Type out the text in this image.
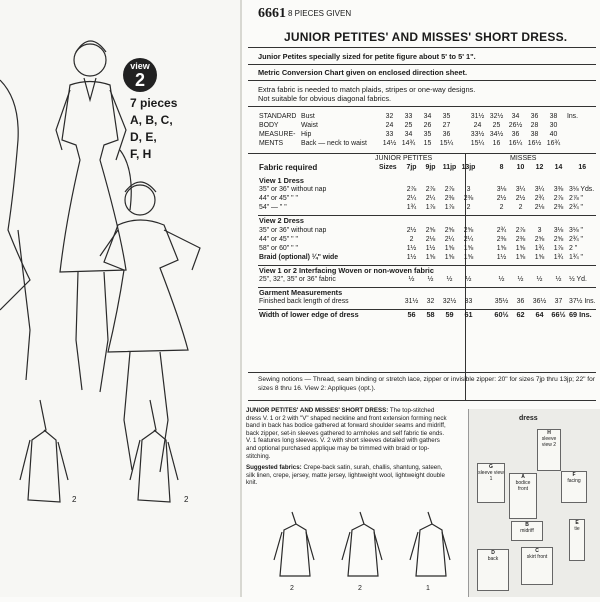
view
2
7 pieces
A, B, C,
D, E,
F, H
2	2
6661 8 PIECES GIVEN
JUNIOR PETITES' AND MISSES' SHORT DRESS.
Junior Petites specially sized for petite figure about 5' to 5' 1".
Metric Conversion Chart given on enclosed direction sheet.
Extra fabric is needed to match plaids, stripes or one-way designs.
Not suitable for obvious diagonal fabrics.
STANDARD	Bust	32	33	34	35		31½	32½	34	36	38	Ins.
BODY	Waist	24	25	26	27		24	25	26½	28	30	
MEASURE-	Hip	33	34	35	36		33½	34½	36	38	40	
MENTS	Back — neck to waist	14½	14¾	15	15¼		15¼	16	16¼	16½	16¾	
JUNIOR PETITES	MISSES
Fabric required	Sizes	7jp	9jp	11jp	13jp		8	10	12	14	16

View 1 Dress											
35" or 36" without nap		2⅞	2⅞	2⅞	3		3⅛	3¼	3¼	3⅜	3⅛ Yds.
44" or 45" " "		2¼	2¼	2⅜	2⅜		2½	2½	2¾	2⅞	2⅞ "
54" — " "		1¾	1⅞	1⅞	2		2	2	2⅛	2⅜	2¾ "

View 2 Dress											
35" or 36" without nap		2½	2⅝	2⅝	2⅝		2¾	2⅞	3	3⅛	3⅛ "
44" or 45" " "		2	2⅛	2¼	2¼		2⅜	2⅜	2⅝	2⅝	2¾ "
58" or 60" " "		1½	1½	1⅝	1⅝		1⅝	1⅝	1¾	1⅞	2 "
Braid (optional) ¼" wide		1½	1⅝	1⅝	1⅝		1½	1⅝	1⅝	1¾	1¾ "

View 1 or 2 Interfacing Woven or non-woven fabric											
25", 32", 35" or 36" fabric		½	½	½	½		½	½	½	½	½ Yd.

Garment Measurements											
Finished back length of dress		31½	32	32½	33		35½	36	36½	37	37½ Ins.

Width of lower edge of dress		56	58	59	61		60½	62	64	66½	69 Ins.
Sewing notions — Thread, seam binding or stretch lace, zipper or invisible zipper: 20" for sizes 7jp thru 13jp; 22" for sizes 8 thru 16. View 2: Appliques (opt.).
JUNIOR PETITES' AND MISSES' SHORT DRESS: The top-stitched dress V. 1 or 2 with "V" shaped neckline and front extension forming neck band in back has bodice gathered at forward shoulder seams and midriff, back zipper, set-in sleeves gathered to armholes and self fabric tie ends. V. 1 features long sleeves. V. 2 with short sleeves detailed with gathers and optional purchased applique may be trimmed with braid or top-stitching.
Suggested fabrics: Crepe-back satin, surah, challis, shantung, sateen, silk linen, crepe, jersey, matte jersey, lightweight wool, lightweight double knit.
2	2	1
dress
H
sleeve view 2
G
sleeve view 1	A
bodice front
F
facing
B
midriff
E
tie
C
skirt front
D
back
